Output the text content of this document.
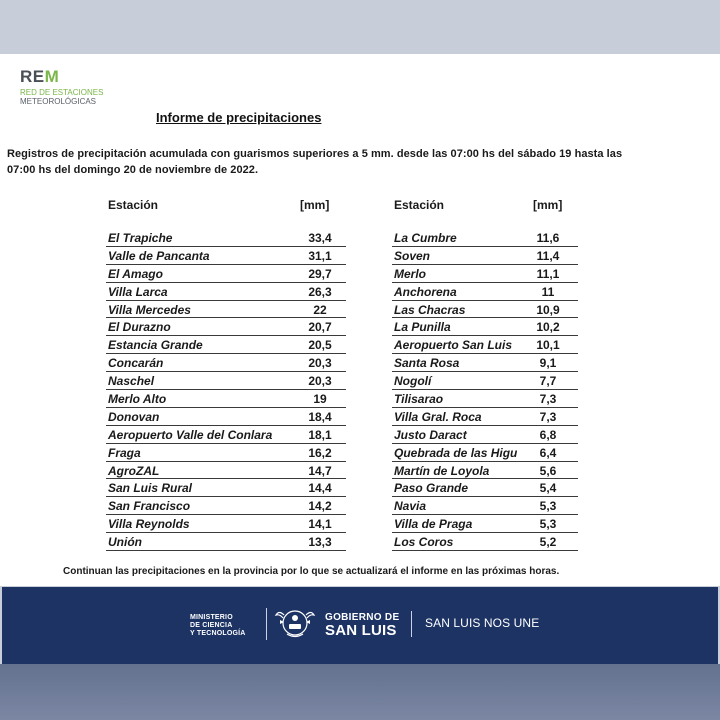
REM
RED DE ESTACIONES
METEOROLÓGICAS
Informe de precipitaciones
Registros de precipitación acumulada con guarismos superiores a 5 mm. desde las 07:00 hs del sábado 19 hasta las 07:00 hs del domingo 20 de noviembre de 2022.
Estación	[mm]
El Trapiche	33,4
Valle de Pancanta	31,1
El Amago	29,7
Villa Larca	26,3
Villa Mercedes	22
El Durazno	20,7
Estancia Grande	20,5
Concarán	20,3
Naschel	20,3
Merlo Alto	19
Donovan	18,4
Aeropuerto Valle del Conlara	18,1
Fraga	16,2
AgroZAL	14,7
San Luis Rural	14,4
San Francisco	14,2
Villa Reynolds	14,1
Unión	13,3
Estación	[mm]
La Cumbre	11,6
Soven	11,4
Merlo	11,1
Anchorena	11
Las Chacras	10,9
La Punilla	10,2
Aeropuerto San Luis	10,1
Santa Rosa	9,1
Nogolí	7,7
Tilisarao	7,3
Villa Gral. Roca	7,3
Justo Daract	6,8
Quebrada de las Higu	6,4
Martín de Loyola	5,6
Paso Grande	5,4
Navia	5,3
Villa de Praga	5,3
Los Coros	5,2
Continuan las precipitaciones en la provincia por lo que se actualizará el informe en las próximas horas.
MINISTERIO
DE CIENCIA
Y TECNOLOGÍA
GOBIERNO DE
SAN LUIS SAN LUIS NOS UNE
